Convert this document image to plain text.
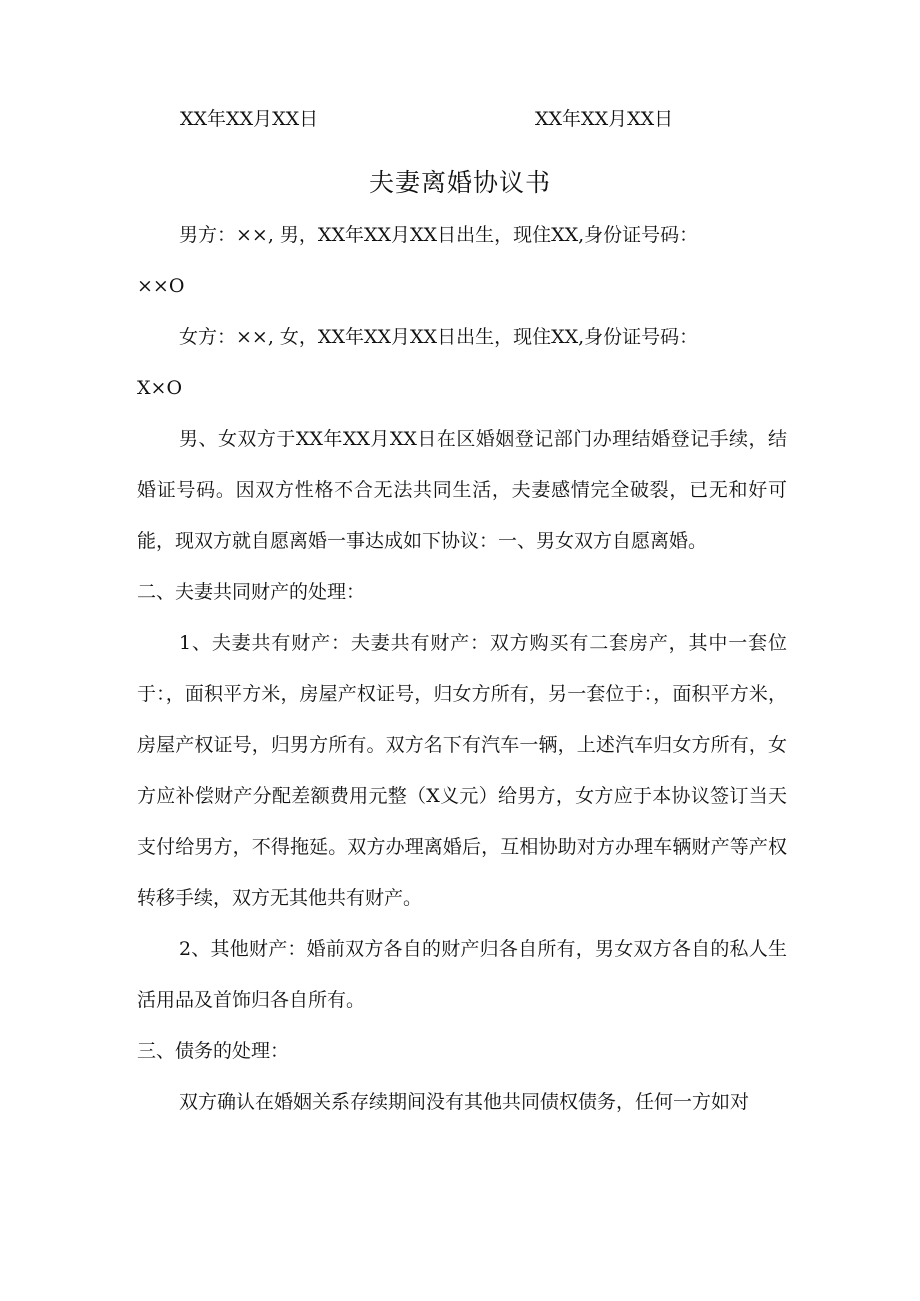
XX年XX月XX日	XX年XX月XX日
夫妻离婚协议书

男方：××, 男，XX年XX月XX日出生，现住XX,身份证号码：

××O

女方：××, 女，XX年XX月XX日出生，现住XX,身份证号码：

X×O

男、女双方于XX年XX月XX日在区婚姻登记部门办理结婚登记手续，结婚证号码。因双方性格不合无法共同生活，夫妻感情完全破裂，已无和好可能，现双方就自愿离婚一事达成如下协议：一、男女双方自愿离婚。

二、夫妻共同财产的处理：

1、夫妻共有财产：夫妻共有财产：双方购买有二套房产，其中一套位于：，面积平方米，房屋产权证号，归女方所有，另一套位于：，面积平方米，房屋产权证号，归男方所有。双方名下有汽车一辆，上述汽车归女方所有，女方应补偿财产分配差额费用元整（X义元）给男方，女方应于本协议签订当天支付给男方，不得拖延。双方办理离婚后，互相协助对方办理车辆财产等产权转移手续，双方无其他共有财产。

2、其他财产：婚前双方各自的财产归各自所有，男女双方各自的私人生活用品及首饰归各自所有。

三、债务的处理：

双方确认在婚姻关系存续期间没有其他共同债权债务，任何一方如对
